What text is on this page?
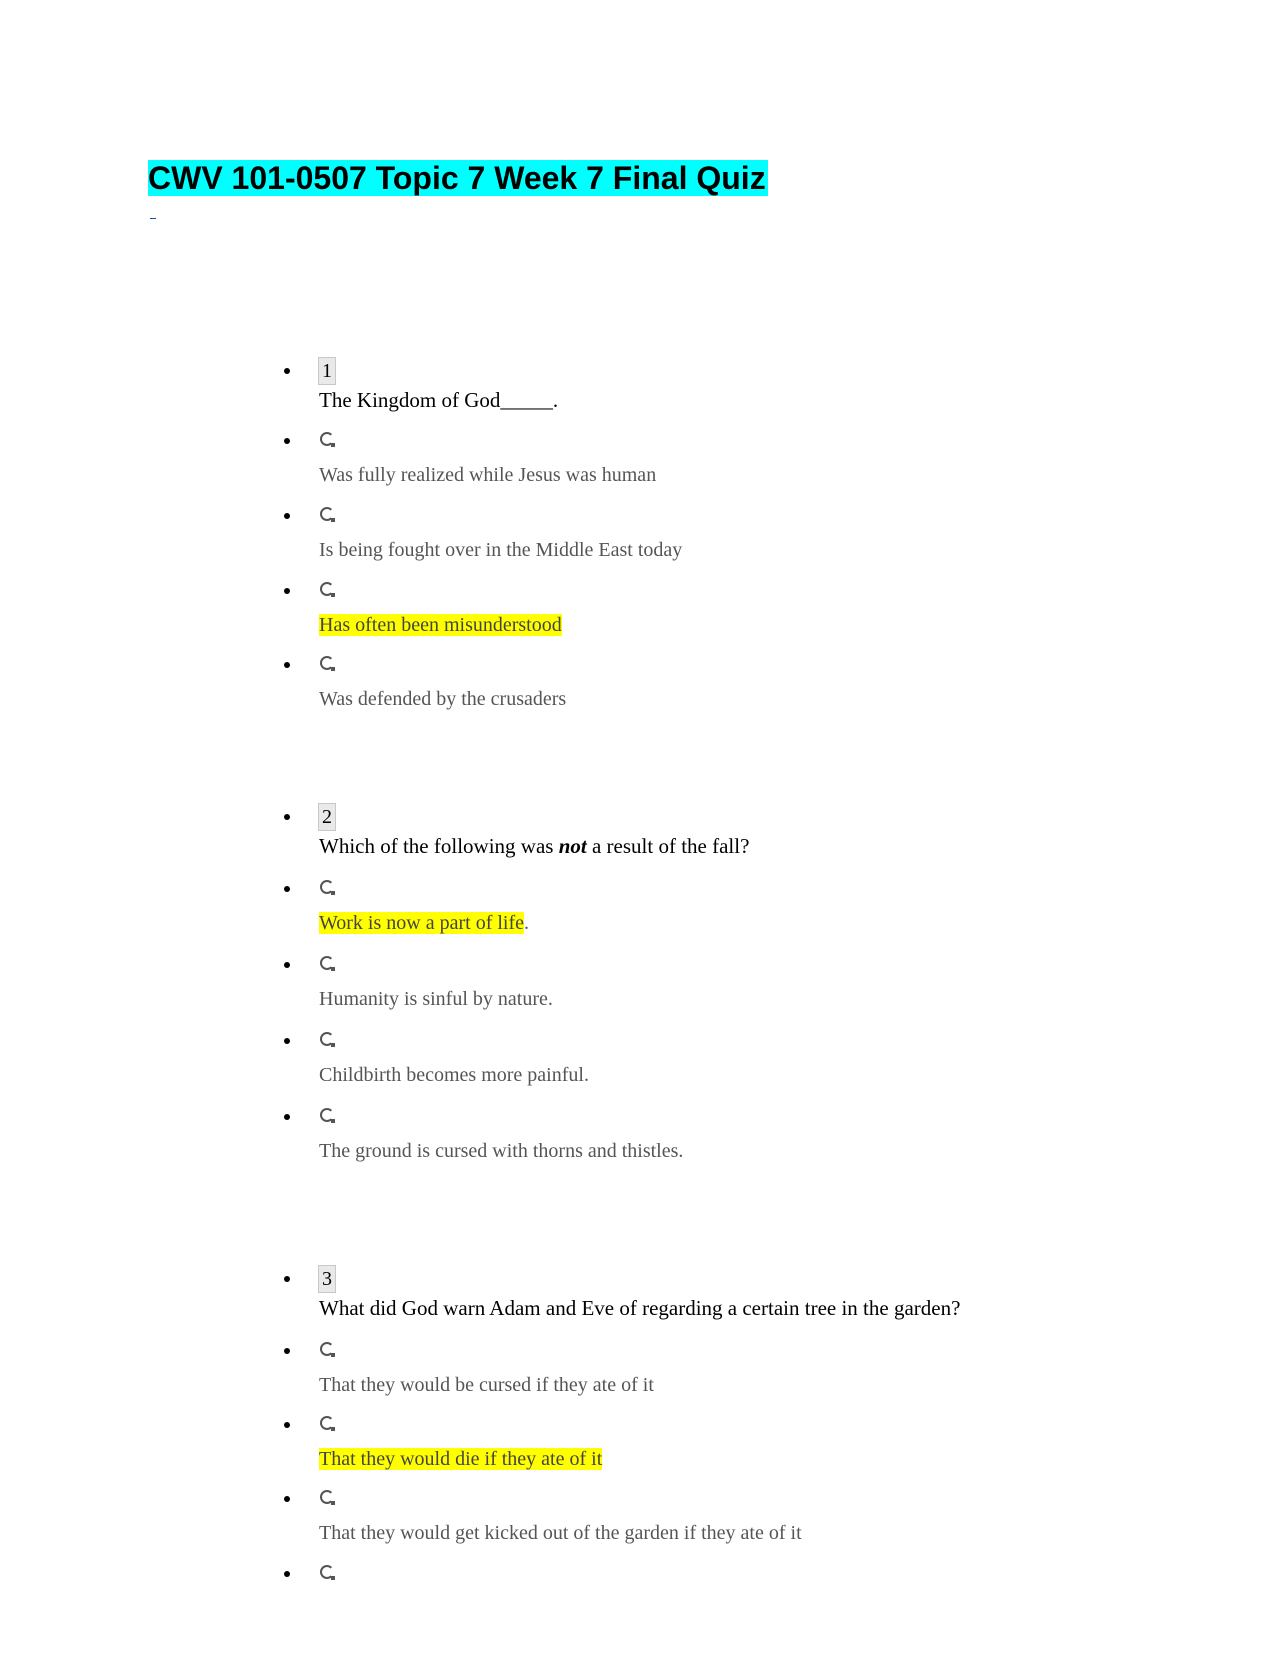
CWV 101-0507 Topic 7 Week 7 Final Quiz
1
The Kingdom of God_____.
Was fully realized while Jesus was human
Is being fought over in the Middle East today
Has often been misunderstood
Was defended by the crusaders
2
Which of the following was not a result of the fall?
Work is now a part of life.
Humanity is sinful by nature.
Childbirth becomes more painful.
The ground is cursed with thorns and thistles.
3
What did God warn Adam and Eve of regarding a certain tree in the garden?
That they would be cursed if they ate of it
That they would die if they ate of it
That they would get kicked out of the garden if they ate of it
